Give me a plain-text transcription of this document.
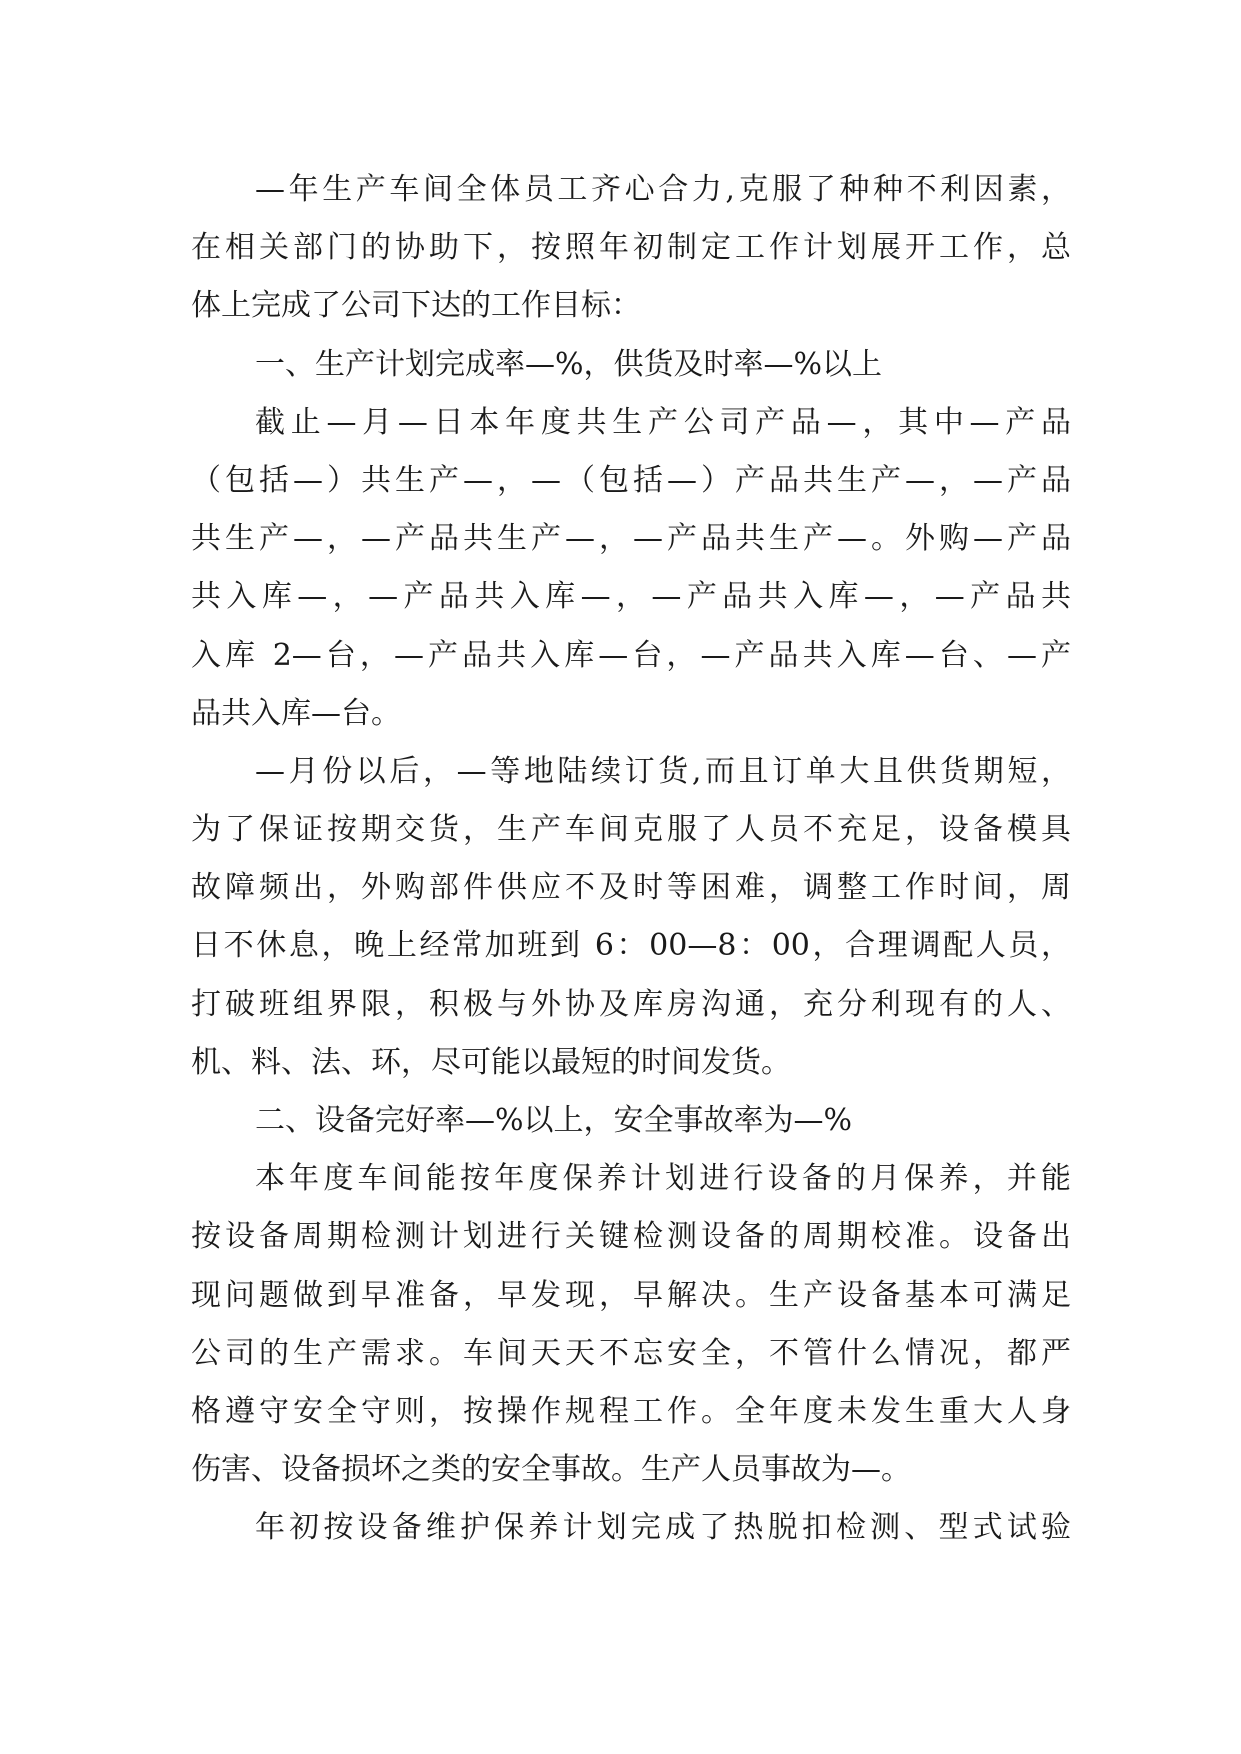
—年生产车间全体员工齐心合力,克服了种种不利因素，
在相关部门的协助下，按照年初制定工作计划展开工作，总
体上完成了公司下达的工作目标：
一、生产计划完成率—%，供货及时率—%以上
截止—月—日本年度共生产公司产品—，其中—产品
（包括—）共生产—，—（包括—）产品共生产—，—产品
共生产—，—产品共生产—，—产品共生产—。外购—产品
共入库—，—产品共入库—，—产品共入库—，—产品共
入库 2—台，—产品共入库—台，—产品共入库—台、—产
品共入库—台。
—月份以后，—等地陆续订货,而且订单大且供货期短，
为了保证按期交货，生产车间克服了人员不充足，设备模具
故障频出，外购部件供应不及时等困难，调整工作时间，周
日不休息，晚上经常加班到 6：00—8：00，合理调配人员，
打破班组界限，积极与外协及库房沟通，充分利现有的人、
机、料、法、环，尽可能以最短的时间发货。
二、设备完好率—%以上，安全事故率为—%
本年度车间能按年度保养计划进行设备的月保养，并能
按设备周期检测计划进行关键检测设备的周期校准。设备出
现问题做到早准备，早发现，早解决。生产设备基本可满足
公司的生产需求。车间天天不忘安全，不管什么情况，都严
格遵守安全守则，按操作规程工作。全年度未发生重大人身
伤害、设备损坏之类的安全事故。生产人员事故为—。
年初按设备维护保养计划完成了热脱扣检测、型式试验
